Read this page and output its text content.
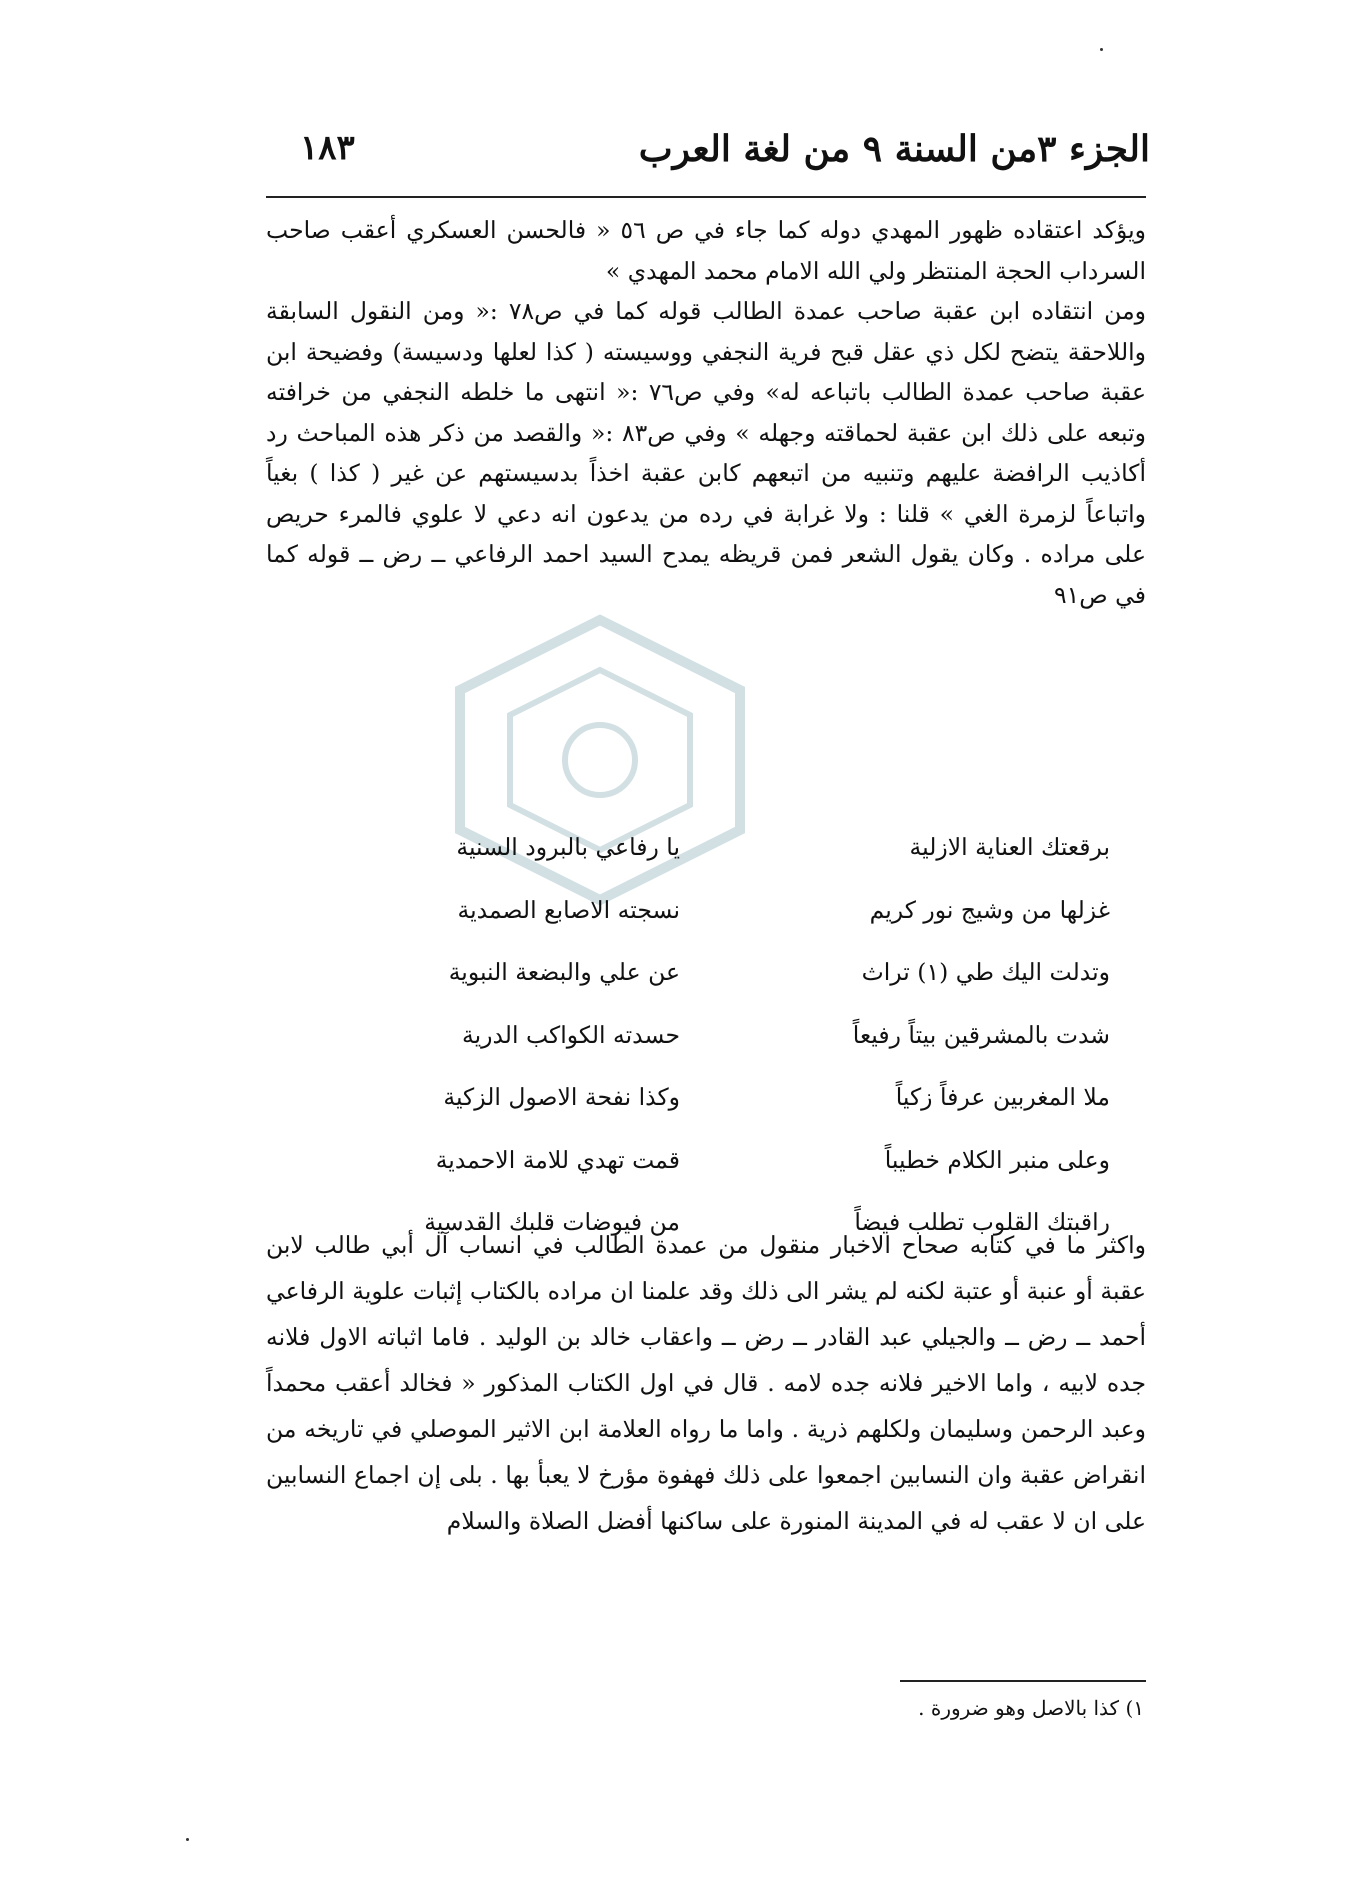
الجزء ٣من السنة ٩ من لغة العرب
١٨٣

ويؤكد اعتقاده ظهور المهدي دوله كما جاء في ص ٥٦ « فالحسن العسكري أعقب صاحب السرداب الحجة المنتظر ولي الله الامام محمد المهدي »

ومن انتقاده ابن عقبة صاحب عمدة الطالب قوله كما في ص٧٨ :« ومن النقول السابقة واللاحقة يتضح لكل ذي عقل قبح فرية النجفي ووسيسته ( كذا لعلها ودسيسة) وفضيحة ابن عقبة صاحب عمدة الطالب باتباعه له» وفي ص٧٦ :« انتهى ما خلطه النجفي من خرافته وتبعه على ذلك ابن عقبة لحماقته وجهله » وفي ص٨٣ :« والقصد من ذكر هذه المباحث رد أكاذيب الرافضة عليهم وتنبيه من اتبعهم كابن عقبة اخذاً بدسيستهم عن غير ( كذا ) بغياً واتباعاً لزمرة الغي » قلنا : ولا غرابة في رده من يدعون انه دعي لا علوي فالمرء حريص على مراده . وكان يقول الشعر فمن قريظه يمدح السيد احمد الرفاعي ــ رض ــ قوله كما في ص٩١

برقعتك العناية الازلية
يا رفاعي بالبرود السنية
غزلها من وشيج نور كريم
نسجته الاصابع الصمدية
وتدلت اليك طي (١) تراث
عن علي والبضعة النبوية
شدت بالمشرقين بيتاً رفيعاً
حسدته الكواكب الدرية
ملا المغربين عرفاً زكياً
وكذا نفحة الاصول الزكية
وعلى منبر الكلام خطيباً
قمت تهدي للامة الاحمدية
راقبتك القلوب تطلب فيضاً
من فيوضات قلبك القدسية

واكثر ما في كتابه صحاح الاخبار منقول من عمدة الطالب في انساب آل أبي طالب لابن عقبة أو عنبة أو عتبة لكنه لم يشر الى ذلك وقد علمنا ان مراده بالكتاب إثبات علوية الرفاعي أحمد ــ رض ــ والجيلي عبد القادر ــ رض ــ واعقاب خالد بن الوليد . فاما اثباته الاول فلانه جده لابيه ، واما الاخير فلانه جده لامه . قال في اول الكتاب المذكور « فخالد أعقب محمداً وعبد الرحمن وسليمان ولكلهم ذرية . واما ما رواه العلامة ابن الاثير الموصلي في تاريخه من انقراض عقبة وان النسابين اجمعوا على ذلك فهفوة مؤرخ لا يعبأ بها . بلى إن اجماع النسابين على ان لا عقب له في المدينة المنورة على ساكنها أفضل الصلاة والسلام

١) كذا بالاصل وهو ضرورة .
